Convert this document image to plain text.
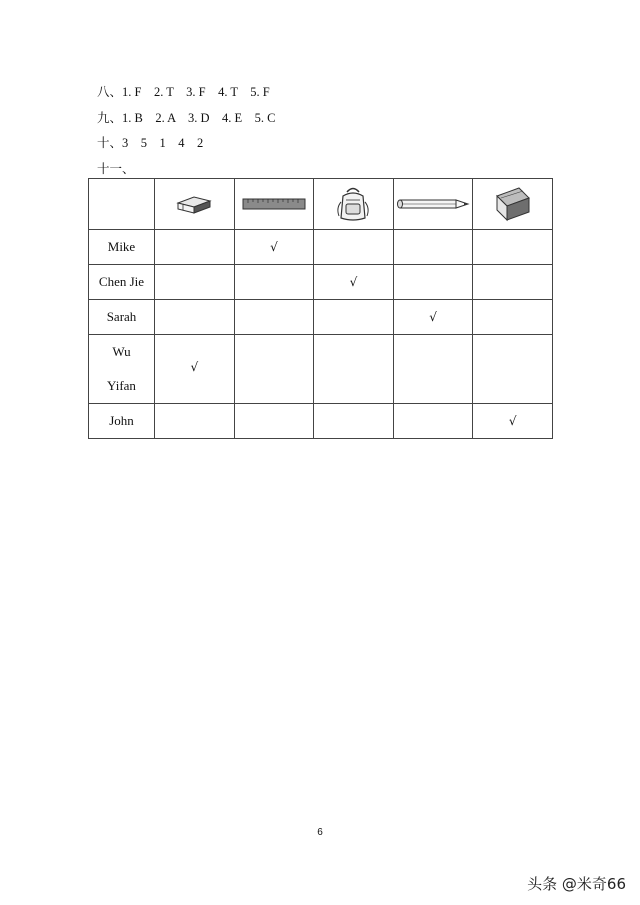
八、1. F    2. T    3. F    4. T    5. F
九、1. B    2. A    3. D    4. E    5. C
十、3    5    1    4    2
十一、

Mike		√			
Chen Jie			√		
Sarah				√	

Wu
Yifan	√				
John					√
6
头条 @米奇66
